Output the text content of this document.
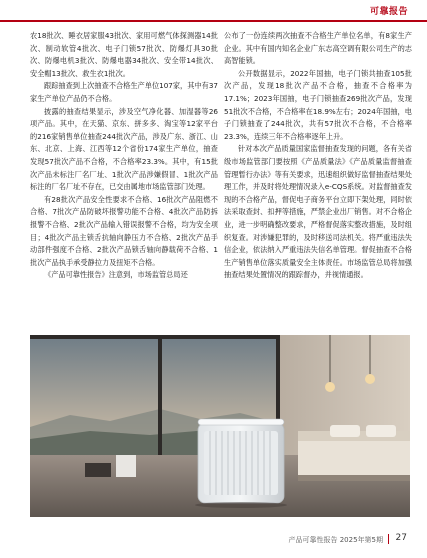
可靠报告

农18批次、睡衣居家服43批次、家用可燃气体探测器14批次、制动软管4批次、电子门锁57批次、防爆灯具30批次、防爆电机3批次、防爆电器34批次、安全带14批次、安全帽13批次、救生衣1批次。

跟踪抽查到上次抽查不合格生产单位107家，其中有37家生产单位产品仍不合格。

披露的抽查结果显示，涉及空气净化器、加湿器等26项产品。其中，在天猫、京东、拼多多、淘宝等12家平台的216家销售单位抽查244批次产品，涉及广东、浙江、山东、北京、上海、江西等12个省份174家生产单位，抽查发现57批次产品不合格，不合格率23.3%。其中，有15批次产品未标注厂名厂址、1批次产品涉嫌假冒、1批次产品标注的厂名厂址不存在，已交由属地市场监管部门处理。

有28批次产品安全性要求不合格、16批次产品阻燃不合格、7批次产品防破坏报警功能不合格、4批次产品防拆报警不合格、2批次产品输入错误报警不合格，均为安全项目；4批次产品主锁舌抗轴向静压力不合格、2批次产品手动部件强度不合格、2批次产品锁舌轴向静载荷不合格、1批次产品执手承受静拉力及扭矩不合格。

《产品可靠性报告》注意到，市场监管总局还

公布了一份连续两次抽查不合格生产单位名单，有8家生产企业。其中有国内知名企业广东志高空调有限公司生产的志高智能锁。

公开数据显示，2022年国抽，电子门锁共抽查105批次产品，发现18批次产品不合格，抽查不合格率为17.1%；2023年国抽，电子门锁抽查269批次产品，发现51批次不合格，不合格率在18.9%左右；2024年国抽，电子门锁抽查了244批次，共有57批次不合格，不合格率23.3%，连续三年不合格率逐年上升。

针对本次产品质量国家监督抽查发现的问题，各有关省级市场监管部门要按照《产品质量法》《产品质量监督抽查管理暂行办法》等有关要求，迅速组织做好监督抽查结果处理工作，并及时将处理情况录入e-CQS系统。对监督抽查发现的不合格产品，督促电子商务平台立即下架处理，同时依法采取查封、扣押等措施，严禁企业出厂销售。对不合格企业，进一步明确整改要求，严格督促落实整改措施，及时组织复查。对涉嫌犯罪的，及时移送司法机关。将严重违法失信企业，依法纳入严重违法失信名单管理。督促抽查不合格生产销售单位落实质量安全主体责任。市场监管总局将加强抽查结果处置情况的跟踪督办，并视情通报。

产品可靠性报告 2025年第5期 27
